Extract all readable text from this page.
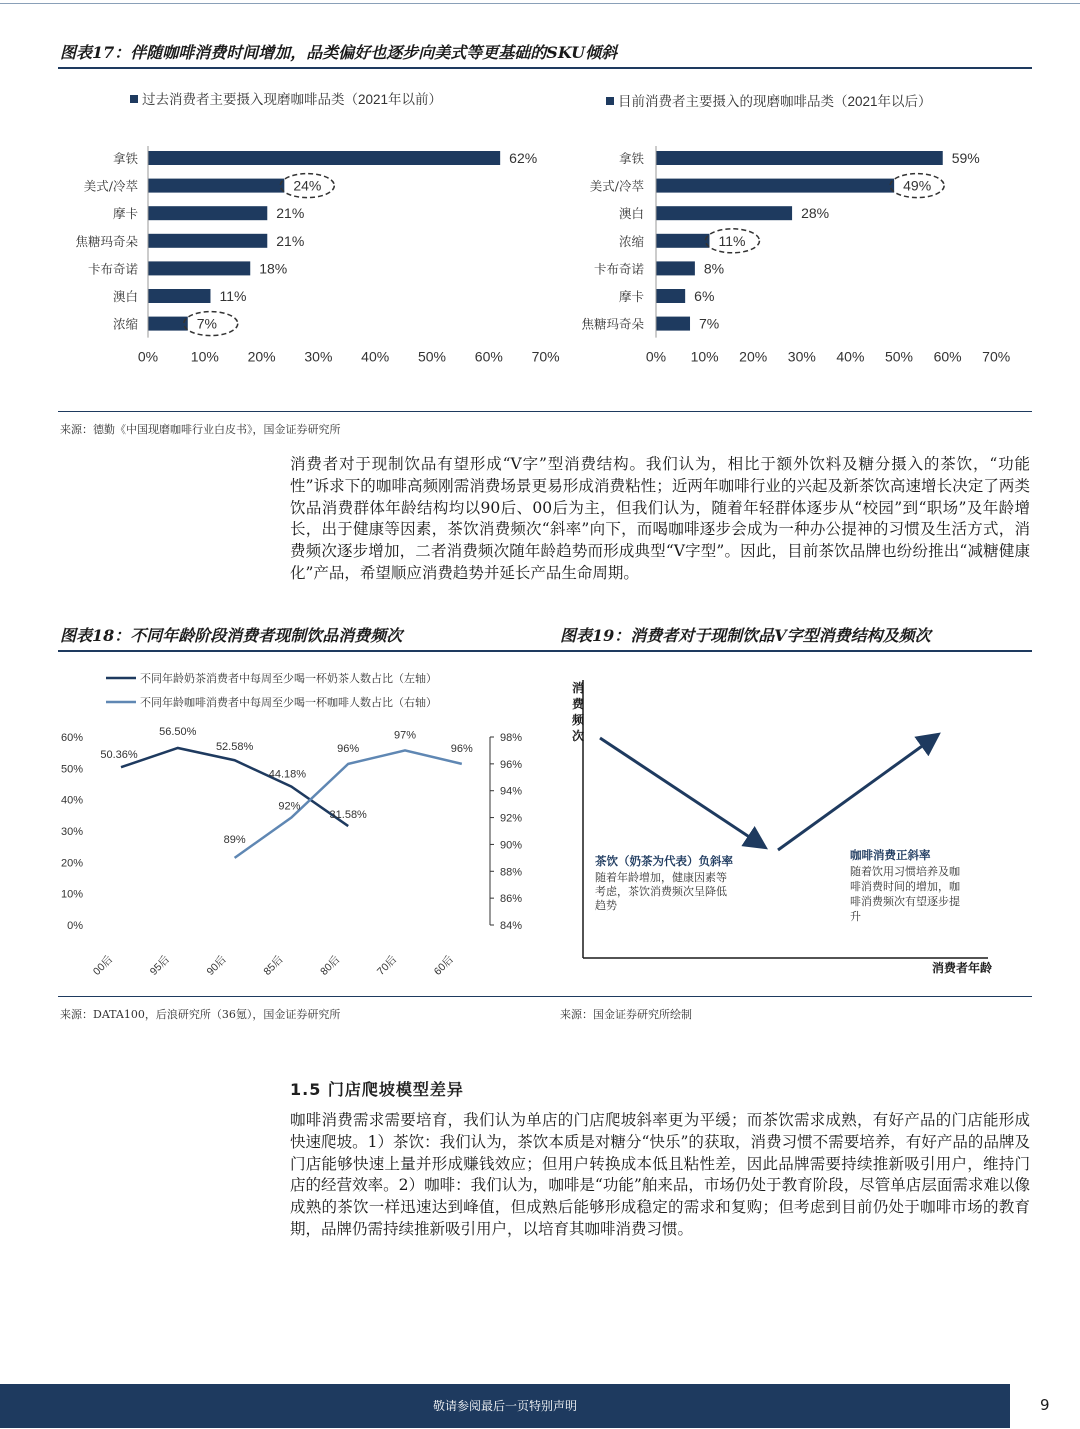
图表17：伴随咖啡消费时间增加，品类偏好也逐步向美式等更基础的SKU倾斜
过去消费者主要摄入现磨咖啡品类（2021年以前）
拿铁	62%
美式/冷萃	24%
摩卡	21%
焦糖玛奇朵	21%
卡布奇诺	18%
澳白	11%
浓缩	7%
0% 10% 20% 30% 40% 50% 60% 70%
目前消费者主要摄入的现磨咖啡品类（2021年以后）
拿铁	59%
美式/冷萃	49%
澳白	28%
浓缩	11%
卡布奇诺	8%
摩卡	6%
焦糖玛奇朵	7%
0% 10% 20% 30% 40% 50% 60% 70%
来源：德勤《中国现磨咖啡行业白皮书》，国金证券研究所
消费者对于现制饮品有望形成“V字”型消费结构。我们认为，相比于额外饮料及糖分摄入的茶饮，“功能性”诉求下的咖啡高频刚需消费场景更易形成消费粘性；近两年咖啡行业的兴起及新茶饮高速增长决定了两类饮品消费群体年龄结构均以90后、00后为主，但我们认为，随着年轻群体逐步从“校园”到“职场”及年龄增长，出于健康等因素，茶饮消费频次“斜率”向下，而喝咖啡逐步会成为一种办公提神的习惯及生活方式，消费频次逐步增加，二者消费频次随年龄趋势而形成典型“V字型”。因此，目前茶饮品牌也纷纷推出“减糖健康化”产品，希望顺应消费趋势并延长产品生命周期。
图表18：不同年龄阶段消费者现制饮品消费频次	图表19：消费者对于现制饮品V字型消费结构及频次
不同年龄奶茶消费者中每周至少喝一杯奶茶人数占比（左轴）
不同年龄咖啡消费者中每周至少喝一杯咖啡人数占比（右轴）
0%
10%
20%
30%
40%
50%
60%
84%
86%
88%
90%
92%
94%
96%
98%
00后	95后	90后	85后	80后	70后	60后
50.36%
56.50%
52.58%
44.18%
31.58%
89%
92%
96%
97%
96%
消
费
频
次
消费者年龄
茶饮（奶茶为代表）负斜率
随着年龄增加，健康因素等考虑，茶饮消费频次呈降低趋势
咖啡消费正斜率
随着饮用习惯培养及咖啡消费时间的增加，咖啡消费频次有望逐步提升
来源：DATA100，后浪研究所（36氪），国金证券研究所	来源：国金证券研究所绘制
1.5 门店爬坡模型差异
咖啡消费需求需要培育，我们认为单店的门店爬坡斜率更为平缓；而茶饮需求成熟，有好产品的门店能形成快速爬坡。1）茶饮：我们认为，茶饮本质是对糖分“快乐”的获取，消费习惯不需要培养，有好产品的品牌及门店能够快速上量并形成赚钱效应；但用户转换成本低且粘性差，因此品牌需要持续推新吸引用户，维持门店的经营效率。2）咖啡：我们认为，咖啡是“功能”舶来品，市场仍处于教育阶段，尽管单店层面需求难以像成熟的茶饮一样迅速达到峰值，但成熟后能够形成稳定的需求和复购；但考虑到目前仍处于咖啡市场的教育期，品牌仍需持续推新吸引用户，以培育其咖啡消费习惯。
敬请参阅最后一页特别声明	9
